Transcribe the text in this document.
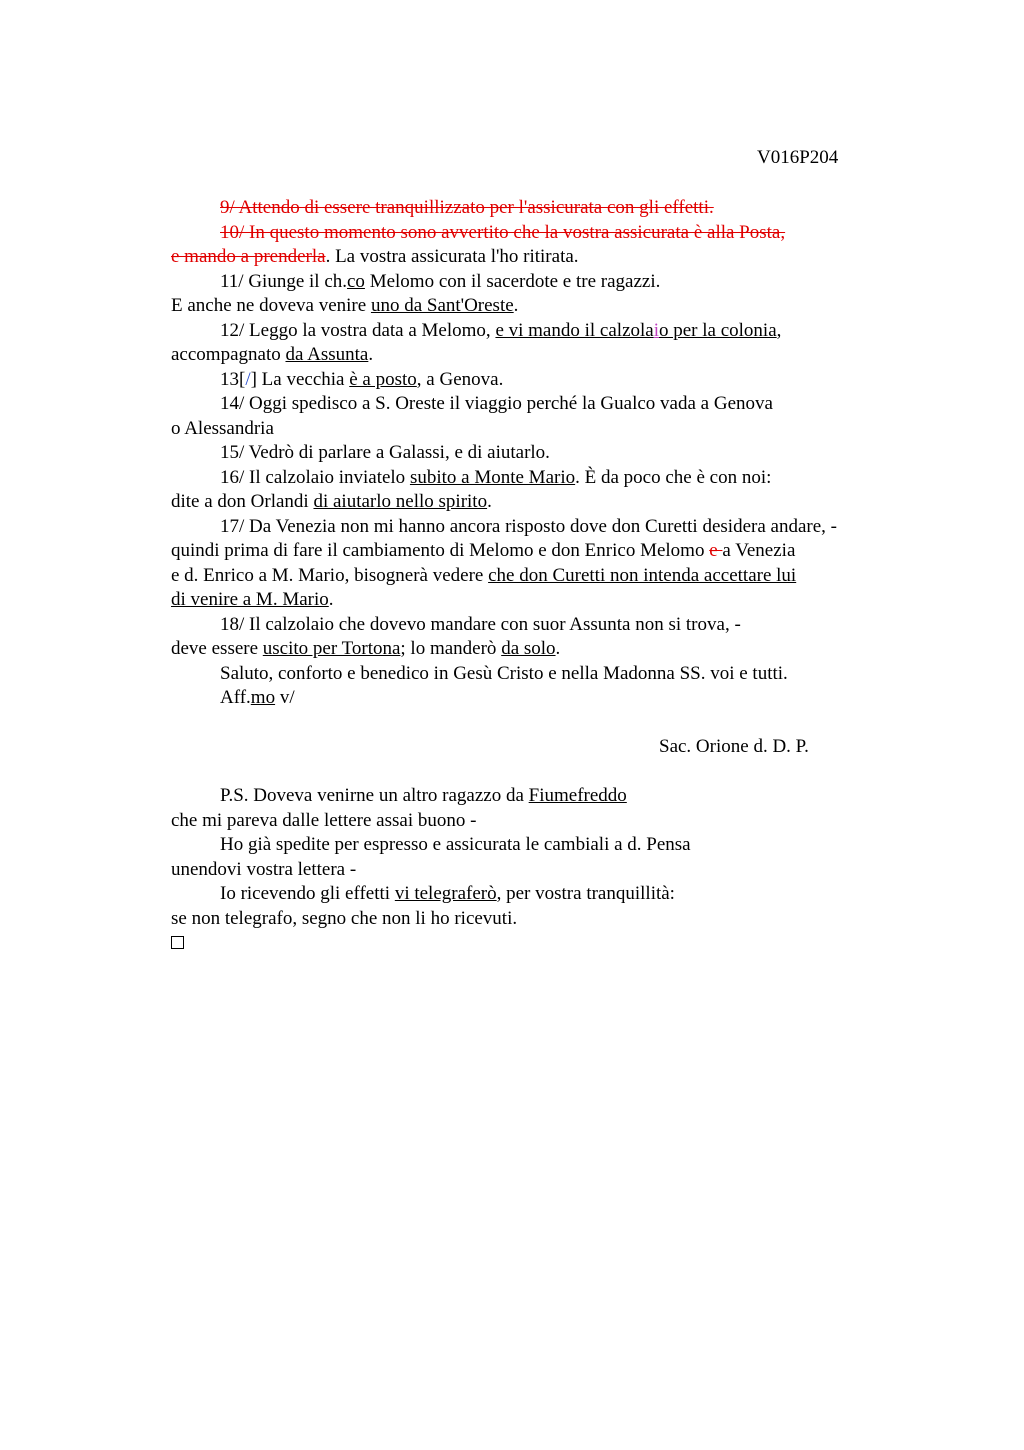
V016P204
9/ Attendo di essere tranquillizzato per l'assicurata con gli effetti.
10/ In questo momento sono avvertito che la vostra assicurata è alla Posta,
e mando a prenderla. La vostra assicurata l'ho ritirata.
11/ Giunge il ch.co Melomo con il sacerdote e tre ragazzi.
E anche ne doveva venire uno da Sant'Oreste.
12/ Leggo la vostra data a Melomo, e vi mando il calzolaio per la colonia,
accompagnato da Assunta.
13[/] La vecchia è a posto, a Genova.
14/ Oggi spedisco a S. Oreste il viaggio perché la Gualco vada a Genova
o Alessandria
15/ Vedrò di parlare a Galassi, e di aiutarlo.
16/ Il calzolaio inviatelo subito a Monte Mario. È da poco che è con noi:
dite a don Orlandi di aiutarlo nello spirito.
17/ Da Venezia non mi hanno ancora risposto dove don Curetti desidera andare, -
quindi prima di fare il cambiamento di Melomo e don Enrico Melomo e a Venezia
e d. Enrico a M. Mario, bisognerà vedere che don Curetti non intenda accettare lui
di venire a M. Mario.
18/ Il calzolaio che dovevo mandare con suor Assunta non si trova, -
deve essere uscito per Tortona; lo manderò da solo.
Saluto, conforto e benedico in Gesù Cristo e nella Madonna SS. voi e tutti.
Aff.mo v/
Sac. Orione d. D. P.
P.S. Doveva venirne un altro ragazzo da Fiumefreddo
che mi pareva dalle lettere assai buono -
Ho già spedite per espresso e assicurata le cambiali a d. Pensa
unendovi vostra lettera -
Io ricevendo gli effetti vi telegraferò, per vostra tranquillità:
se non telegrafo, segno che non li ho ricevuti.
